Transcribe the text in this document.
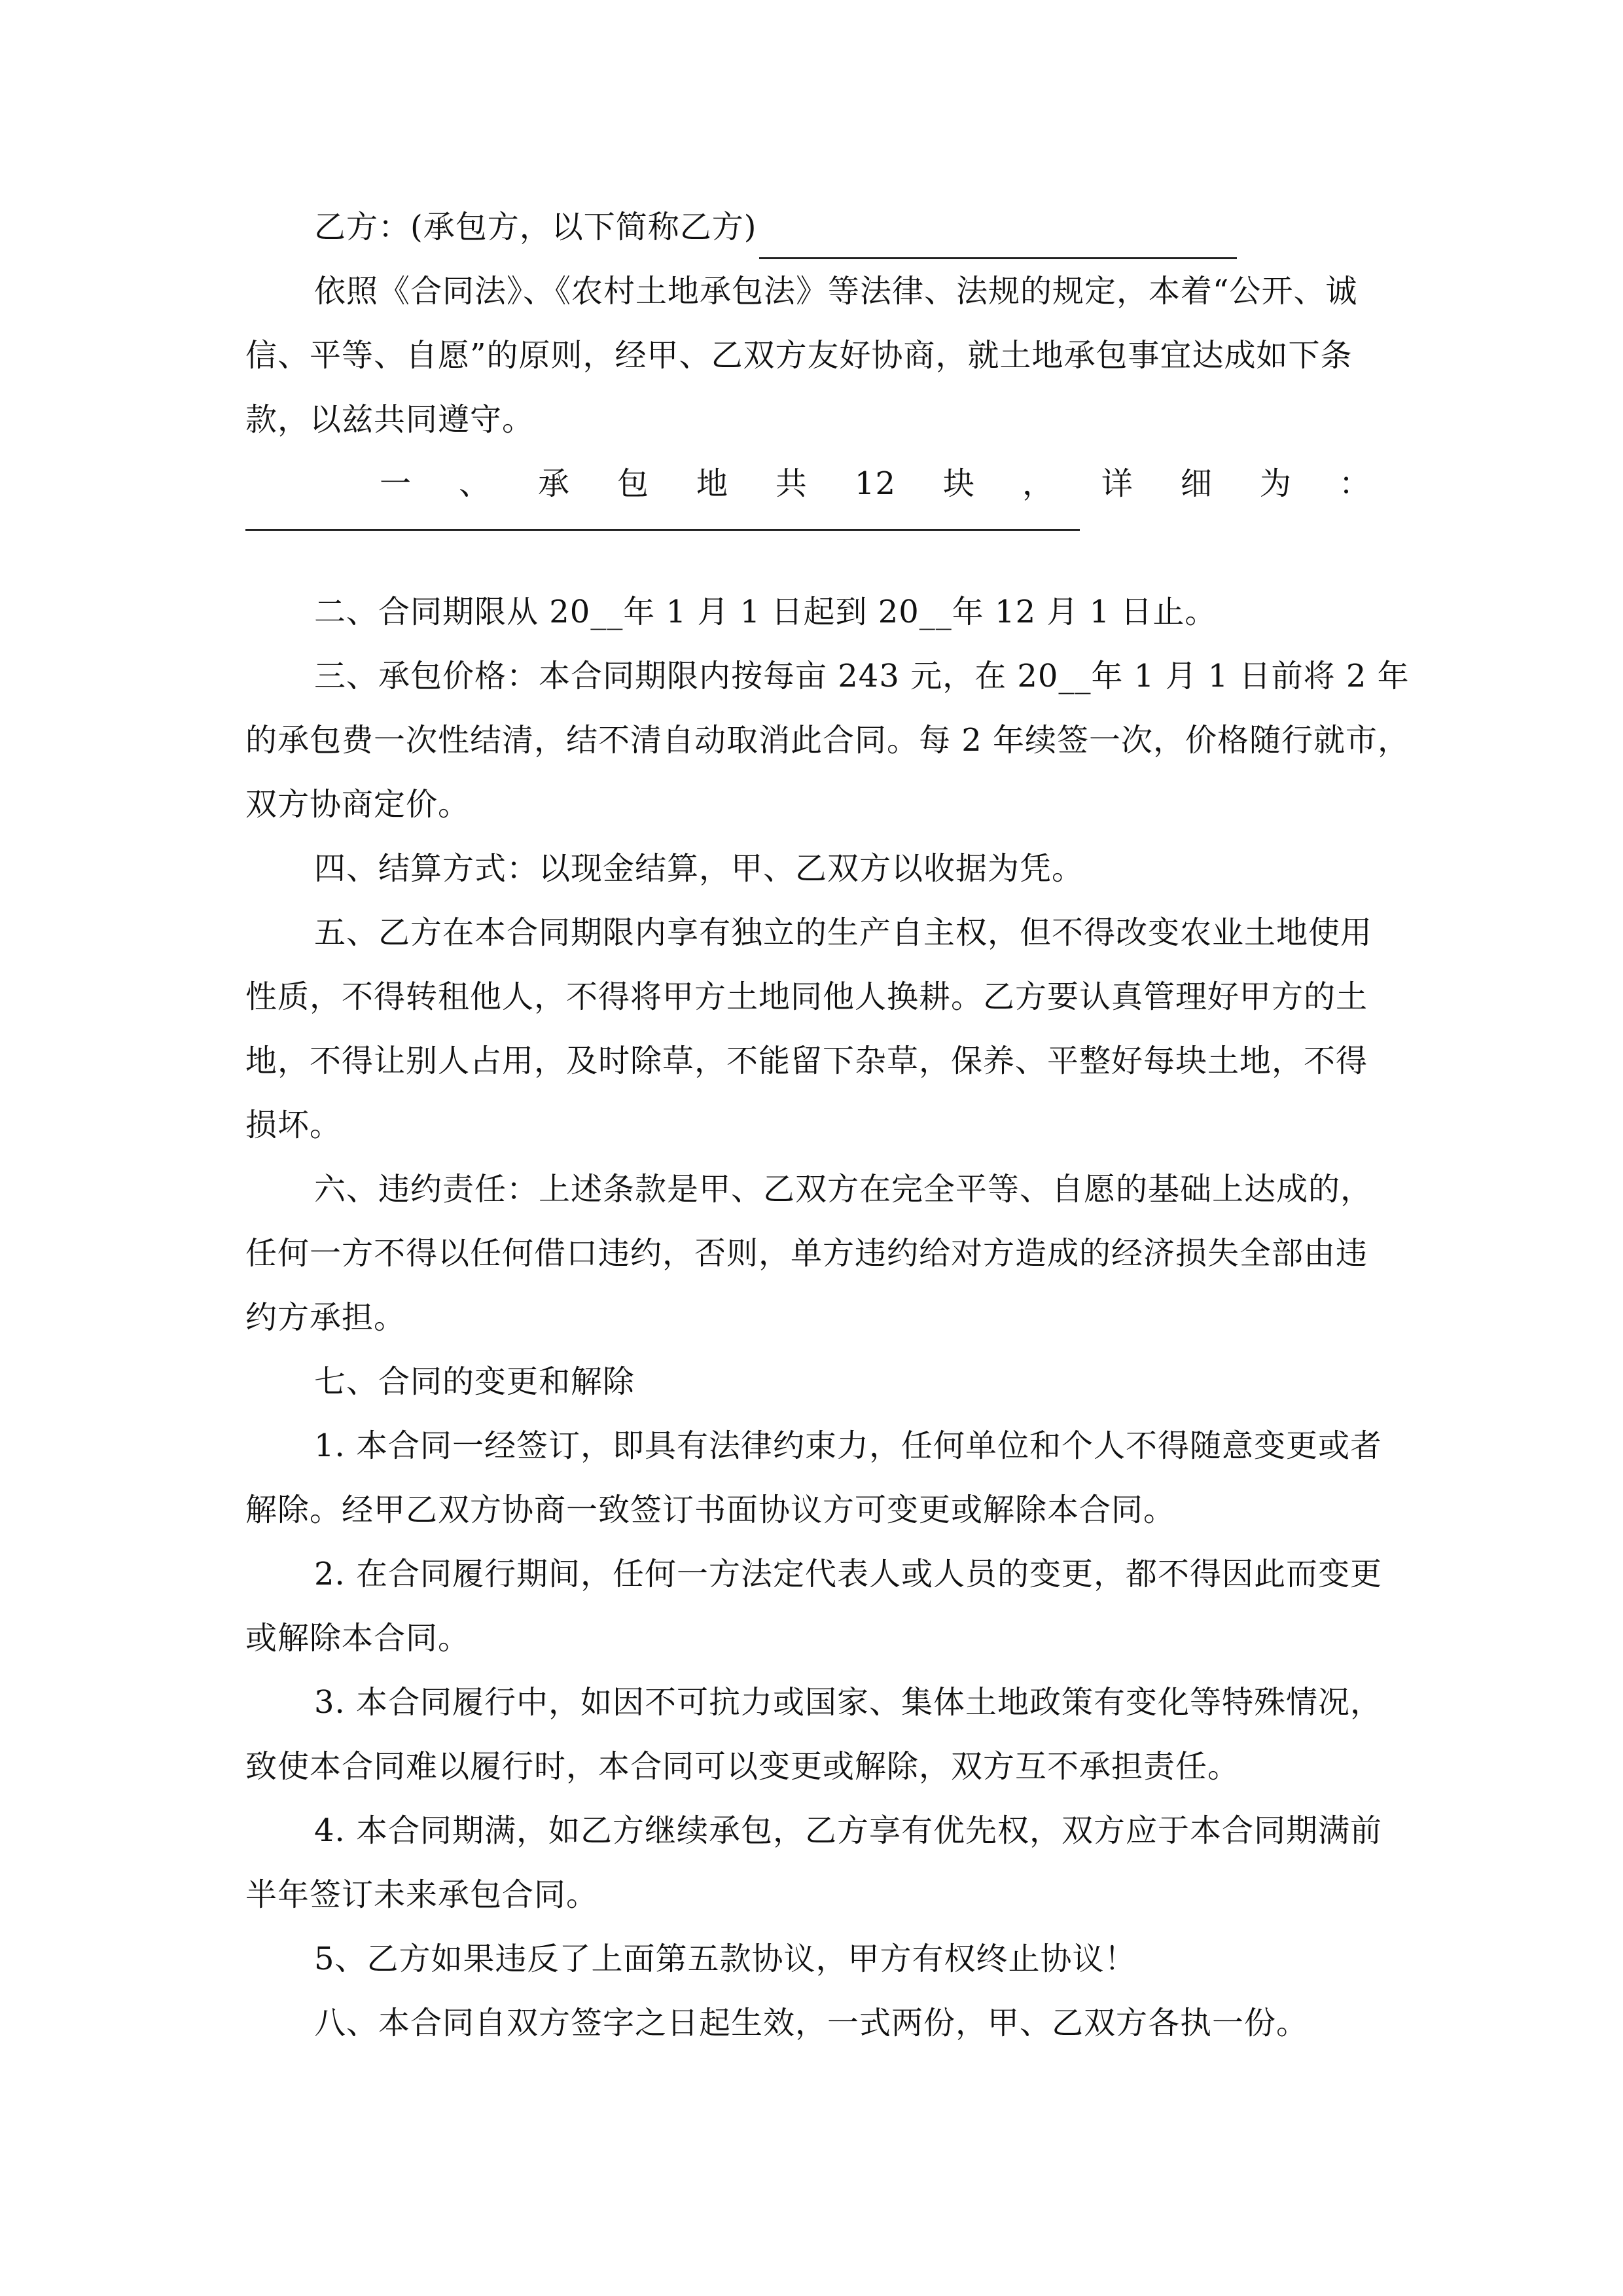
乙方：(承包方，以下简称乙方)
依照《合同法》、《农村土地承包法》等法律、法规的规定，本着“公开、诚
信、平等、自愿”的原则，经甲、乙双方友好协商，就土地承包事宜达成如下条
款，以兹共同遵守。
一 、 承 包 地 共 12 块 ， 详 细 为 ：
二、合同期限从 20__年 1 月 1 日起到 20__年 12 月 1 日止。
三、承包价格：本合同期限内按每亩 243 元，在 20__年 1 月 1 日前将 2 年
的承包费一次性结清，结不清自动取消此合同。每 2 年续签一次，价格随行就市，
双方协商定价。
四、结算方式：以现金结算，甲、乙双方以收据为凭。
五、乙方在本合同期限内享有独立的生产自主权，但不得改变农业土地使用
性质，不得转租他人，不得将甲方土地同他人换耕。乙方要认真管理好甲方的土
地，不得让别人占用，及时除草，不能留下杂草，保养、平整好每块土地，不得
损坏。
六、违约责任：上述条款是甲、乙双方在完全平等、自愿的基础上达成的，
任何一方不得以任何借口违约，否则，单方违约给对方造成的经济损失全部由违
约方承担。
七、合同的变更和解除
1. 本合同一经签订，即具有法律约束力，任何单位和个人不得随意变更或者
解除。经甲乙双方协商一致签订书面协议方可变更或解除本合同。
2. 在合同履行期间，任何一方法定代表人或人员的变更，都不得因此而变更
或解除本合同。
3. 本合同履行中，如因不可抗力或国家、集体土地政策有变化等特殊情况，
致使本合同难以履行时，本合同可以变更或解除，双方互不承担责任。
4. 本合同期满，如乙方继续承包，乙方享有优先权，双方应于本合同期满前
半年签订未来承包合同。
5、乙方如果违反了上面第五款协议，甲方有权终止协议！
八、本合同自双方签字之日起生效，一式两份，甲、乙双方各执一份。
